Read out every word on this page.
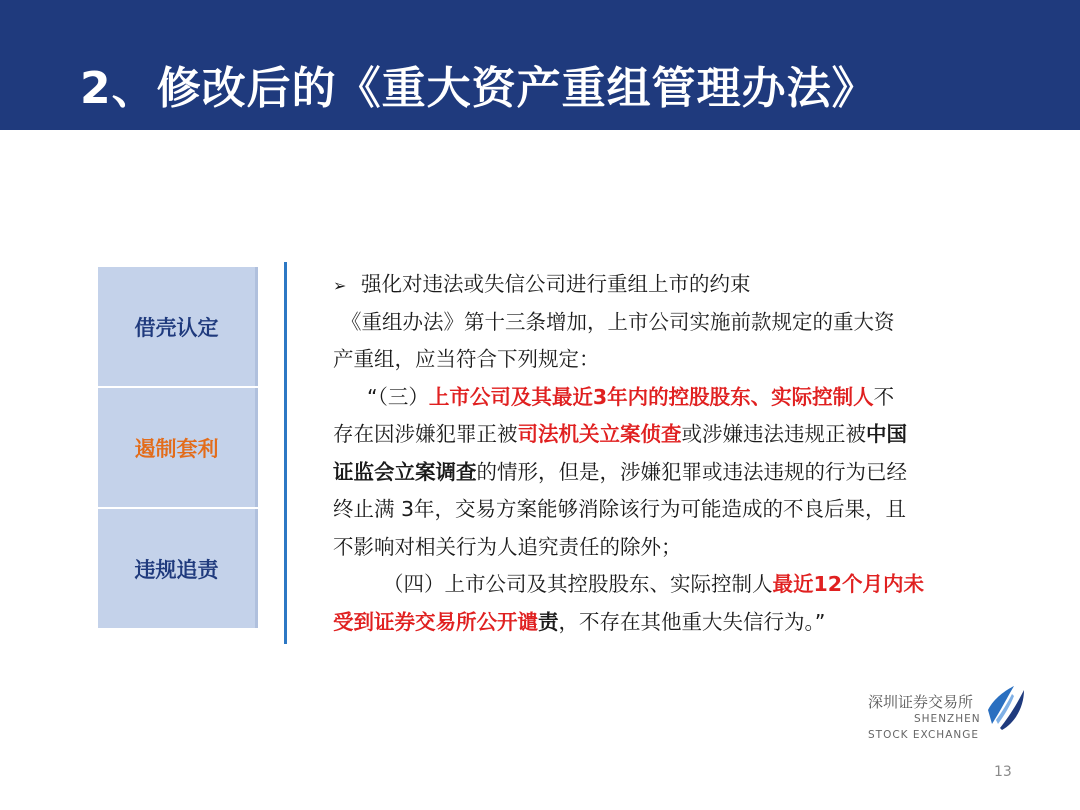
2、修改后的《重大资产重组管理办法》
借壳认定
遏制套利
违规追责
➢ 强化对违法或失信公司进行重组上市的约束
《重组办法》第十三条增加，上市公司实施前款规定的重大资
产重组，应当符合下列规定：
“（三）上市公司及其最近3年内的控股股东、实际控制人不
存在因涉嫌犯罪正被司法机关立案侦查或涉嫌违法违规正被中国
证监会立案调查的情形，但是，涉嫌犯罪或违法违规的行为已经
终止满 3年，交易方案能够消除该行为可能造成的不良后果，且
不影响对相关行为人追究责任的除外；
（四）上市公司及其控股股东、实际控制人最近12个月内未
受到证券交易所公开谴责，不存在其他重大失信行为。”
深圳证券交易所
SHENZHEN
STOCK EXCHANGE
13
